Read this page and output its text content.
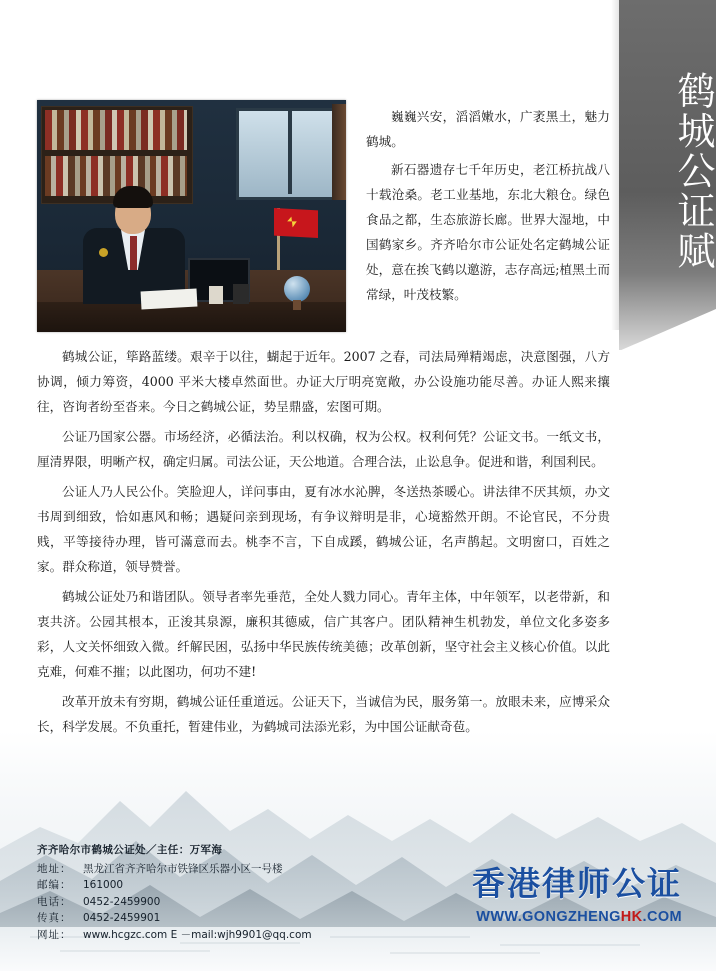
鹤城公证赋

巍巍兴安，滔滔嫩水，广袤黑土，魅力鹤城。

新石器遗存七千年历史，老江桥抗战八十载沧桑。老工业基地，东北大粮仓。绿色食品之都，生态旅游长廊。世界大湿地，中国鹤家乡。齐齐哈尔市公证处名定鹤城公证处，意在挨飞鹤以邀游，志存高远;植黑土而常绿，叶茂枝繁。

鹤城公证，筚路蓝缕。艰辛于以往，蝴起于近年。2007 之春，司法局殚精竭虑，决意图强，八方协调，倾力筹资，4000 平米大楼卓然面世。办证大厅明亮宽敞，办公设施功能尽善。办证人熙来攘往，咨询者纷至沓来。今日之鹤城公证，势呈鼎盛，宏图可期。

公证乃国家公器。市场经济，必循法治。利以权确，权为公权。权利何凭？公证文书。一纸文书，厘清界限，明晰产权，确定归属。司法公证，天公地道。合理合法，止讼息争。促进和谐，利国利民。

公证人乃人民公仆。笑脸迎人，详问事由，夏有冰水沁脾，冬送热茶暖心。讲法律不厌其烦，办文书周到细致，恰如惠风和畅；遇疑问亲到现场，有争议辩明是非，心境豁然开朗。不论官民，不分贵贱，平等接待办理，皆可滿意而去。桃李不言，下自成蹊，鹤城公证，名声鹊起。文明窗口，百姓之家。群众称道，领导赞誉。

鹤城公证处乃和谐团队。领导者率先垂范，全处人戮力同心。青年主体，中年领军，以老带新，和衷共济。公园其根本，正浚其泉源，廉积其德威，信广其客户。团队精神生机勃发，单位文化多姿多彩，人文关怀细致入微。纤解民困，弘扬中华民族传统美德；改革创新，坚守社会主义核心价值。以此克难，何难不摧；以此图功，何功不建!

改革开放未有穷期，鹤城公证任重道远。公证天下，当诚信为民，服务第一。放眼未来，应博采众长，科学发展。不负重托，暂建伟业，为鹤城司法添光彩，为中国公证献奇苞。

齐齐哈尔市鹤城公证处／主任：万军海
地址：	黑龙江省齐齐哈尔市铁锋区乐器小区一号楼
邮编：	161000
电话：	0452-2459900
传真：	0452-2459901
网址：	www.hcgzc.com E －mail:wjh9901@qq.com
香港律师公证
WWW.GONGZHENGHK.COM
